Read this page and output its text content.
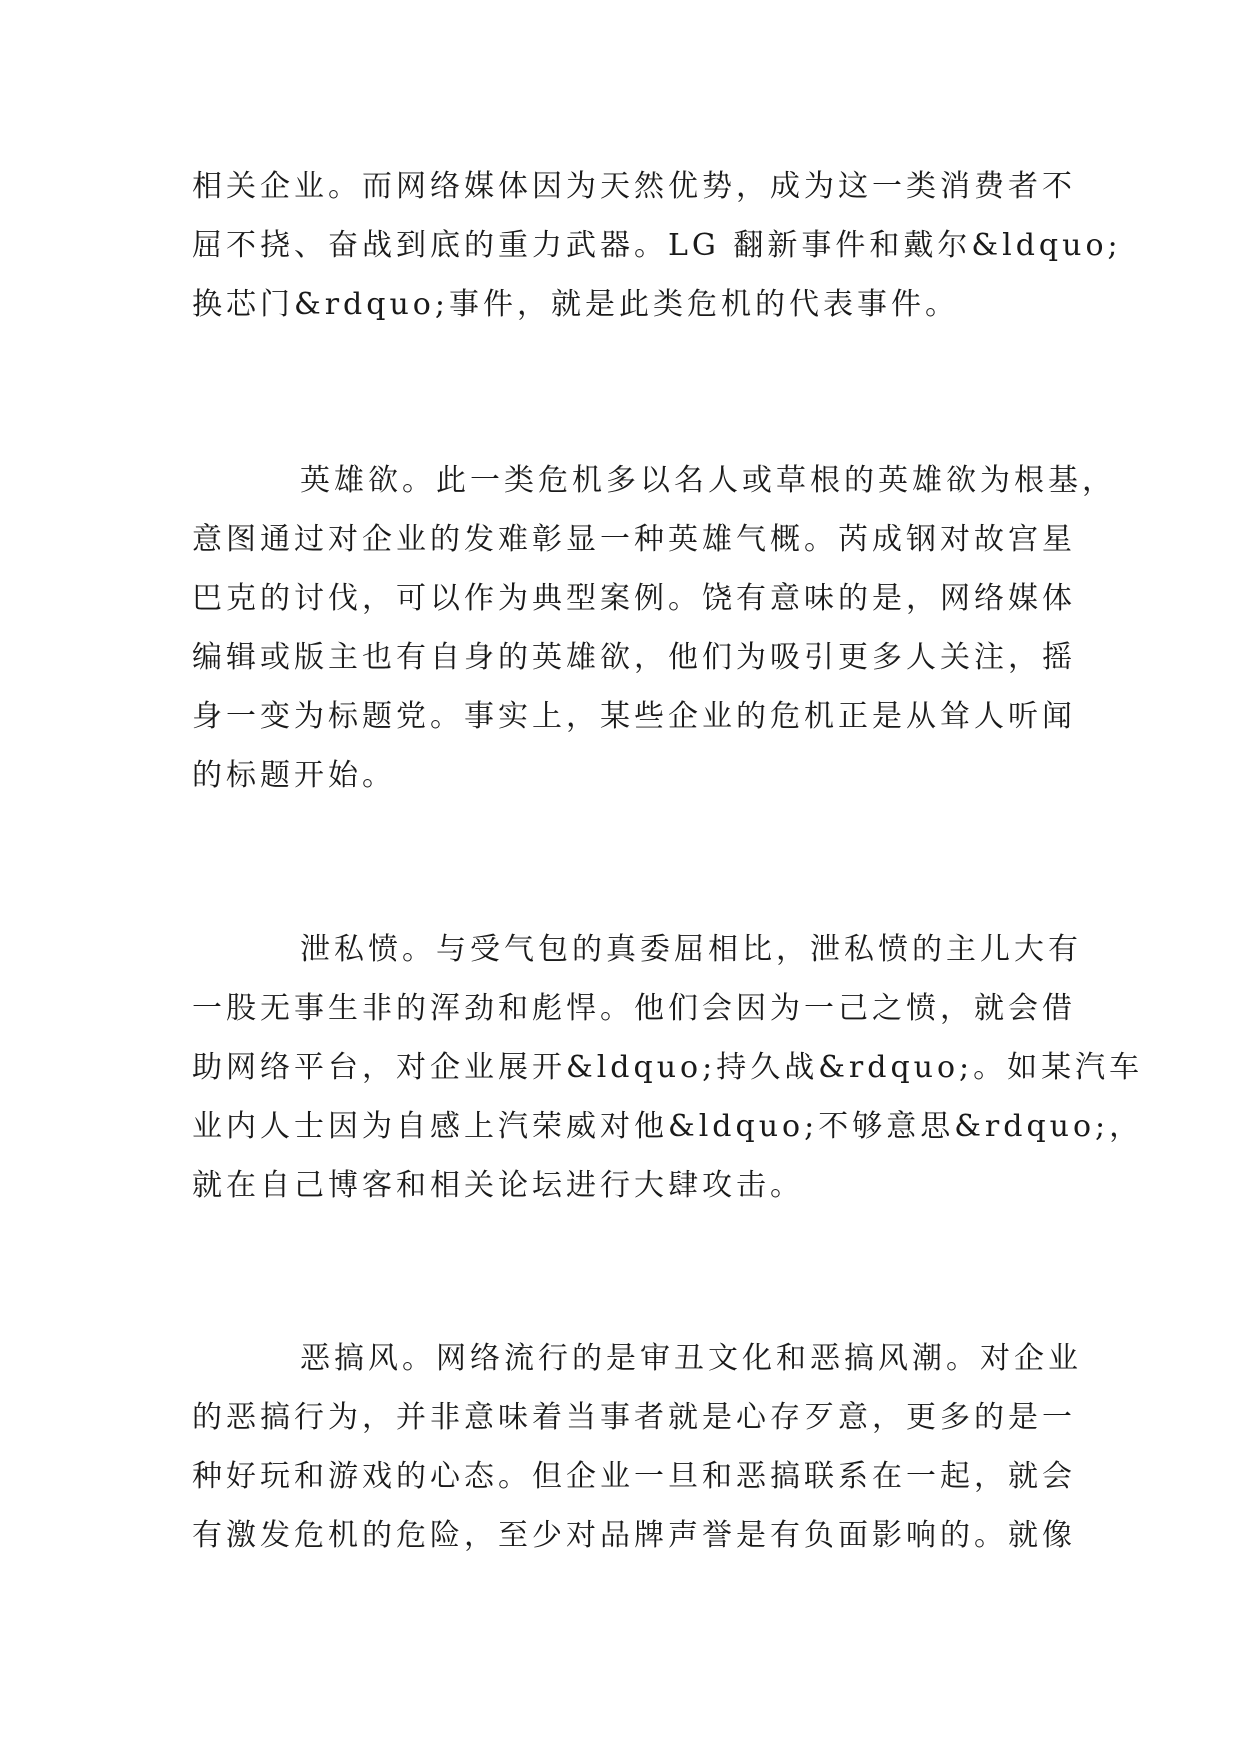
相关企业。而网络媒体因为天然优势，成为这一类消费者不
屈不挠、奋战到底的重力武器。LG 翻新事件和戴尔&ldquo;
换芯门&rdquo;事件，就是此类危机的代表事件。

英雄欲。此一类危机多以名人或草根的英雄欲为根基，
意图通过对企业的发难彰显一种英雄气概。芮成钢对故宫星
巴克的讨伐，可以作为典型案例。饶有意味的是，网络媒体
编辑或版主也有自身的英雄欲，他们为吸引更多人关注，摇
身一变为标题党。事实上，某些企业的危机正是从耸人听闻
的标题开始。

泄私愤。与受气包的真委屈相比，泄私愤的主儿大有
一股无事生非的浑劲和彪悍。他们会因为一己之愤，就会借
助网络平台，对企业展开&ldquo;持久战&rdquo;。如某汽车
业内人士因为自感上汽荣威对他&ldquo;不够意思&rdquo;，
就在自己博客和相关论坛进行大肆攻击。

恶搞风。网络流行的是审丑文化和恶搞风潮。对企业
的恶搞行为，并非意味着当事者就是心存歹意，更多的是一
种好玩和游戏的心态。但企业一旦和恶搞联系在一起，就会
有激发危机的危险，至少对品牌声誉是有负面影响的。就像
